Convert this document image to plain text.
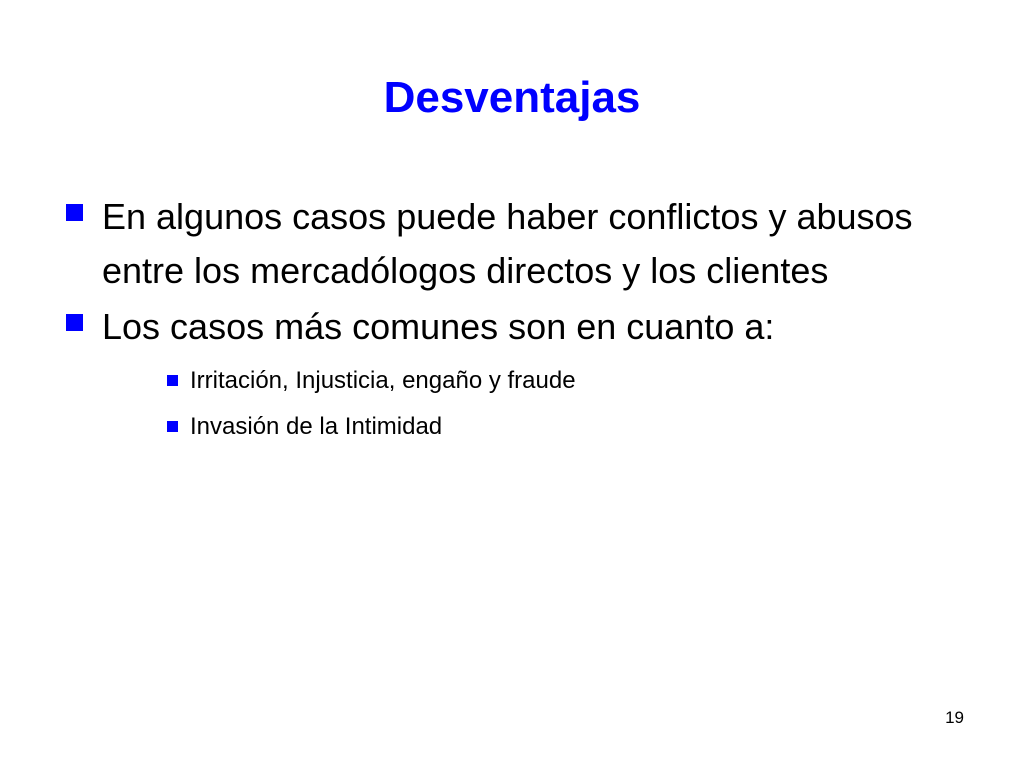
Desventajas
En algunos casos puede haber conflictos y abusos entre los mercadólogos directos y los clientes
Los casos más comunes son en cuanto a:
Irritación, Injusticia, engaño y fraude
Invasión de la Intimidad
19
